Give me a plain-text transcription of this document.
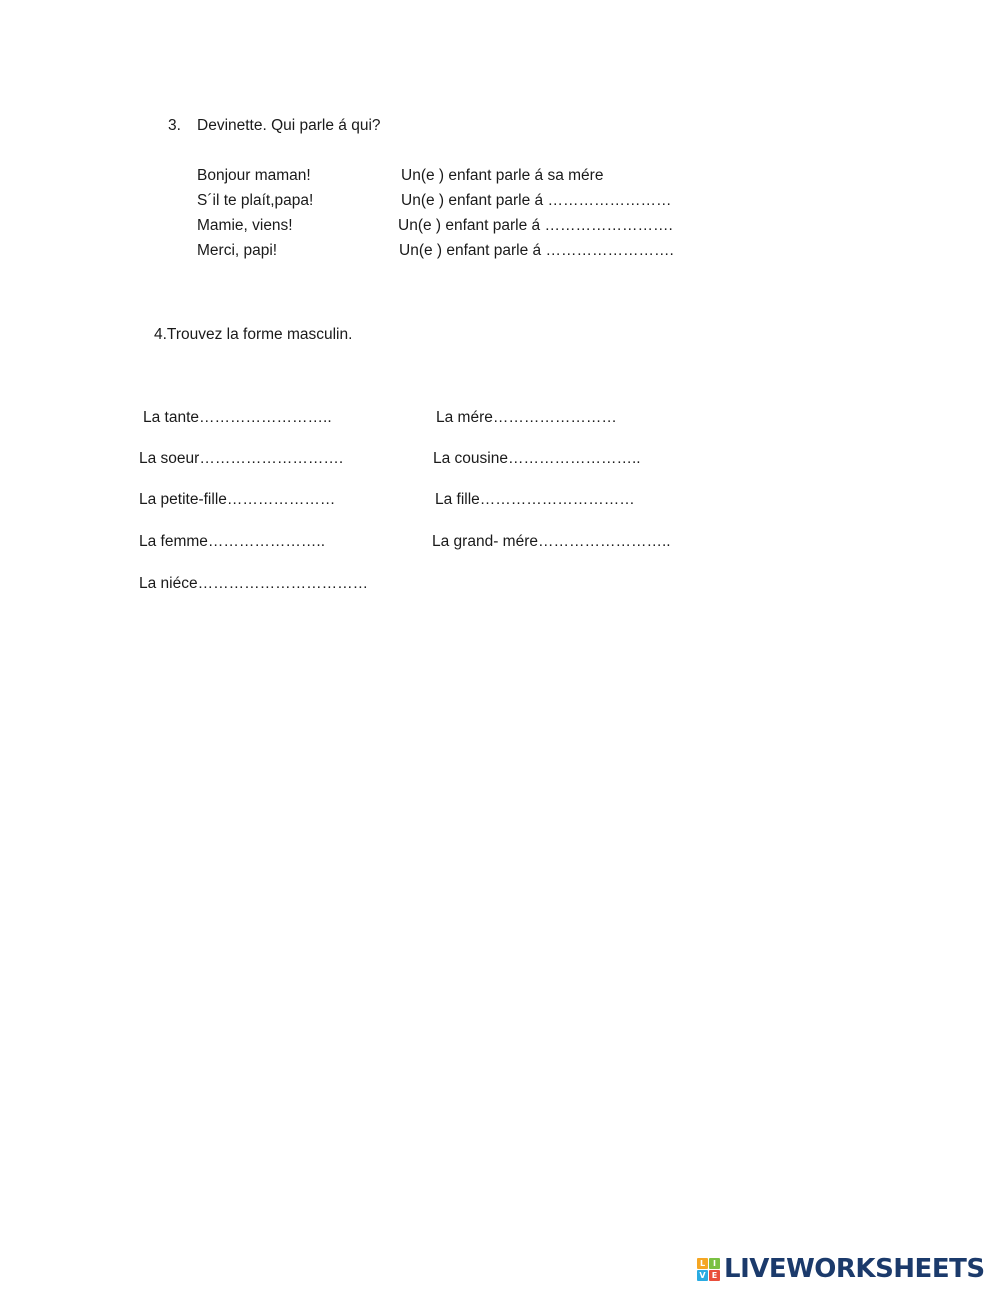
3. Devinette. Qui parle á qui?
Bonjour maman!	Un(e ) enfant parle á sa mére
S´il te plaít,papa!	Un(e ) enfant parle á ……………………
Mamie, viens!	Un(e ) enfant parle á …………………….
Merci, papi!	Un(e ) enfant parle á …………………….
4.Trouvez la forme masculin.
La tante……………………..	La mére……………………
La soeur……………………….	La cousine……………………..
La petite-fille…………………	La fille…………………………
La femme…………………..	La grand- mére……………………..
La niéce……………………………
L I
V E LIVEWORKSHEETS
